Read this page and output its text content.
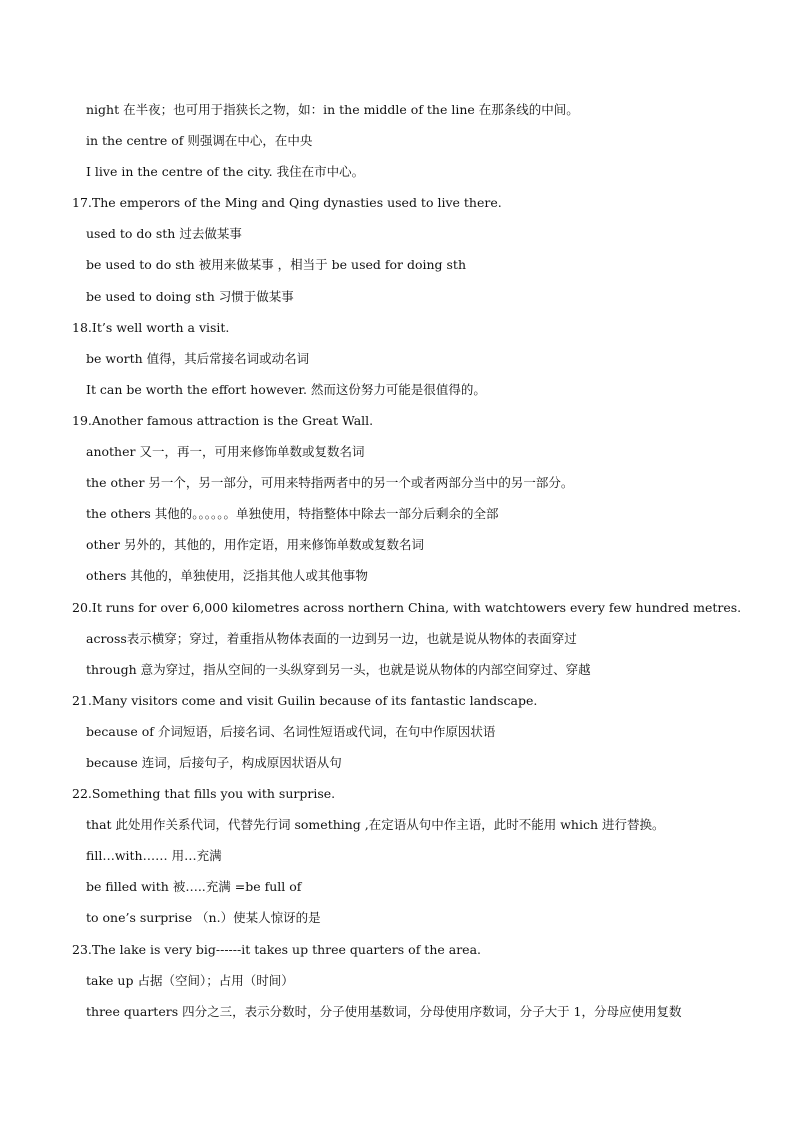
night 在半夜；也可用于指狭长之物，如：in the middle of the line 在那条线的中间。
in the centre of 则强调在中心，在中央
I live in the centre of the city. 我住在市中心。
17.The emperors of the Ming and Qing dynasties used to live there.
used to do sth 过去做某事
be used to do sth 被用来做某事 ，相当于 be used for doing sth
be used to doing sth 习惯于做某事
18.It’s well worth a visit.
be worth 值得，其后常接名词或动名词
It can be worth the effort however. 然而这份努力可能是很值得的。
19.Another famous attraction is the Great Wall.
another 又一，再一，可用来修饰单数或复数名词
the other 另一个，另一部分，可用来特指两者中的另一个或者两部分当中的另一部分。
the others 其他的。。。。。。单独使用，特指整体中除去一部分后剩余的全部
other 另外的，其他的，用作定语，用来修饰单数或复数名词
others 其他的，单独使用，泛指其他人或其他事物
20.It runs for over 6,000 kilometres across northern China, with watchtowers every few hundred metres.
across表示横穿；穿过，着重指从物体表面的一边到另一边，也就是说从物体的表面穿过
through 意为穿过，指从空间的一头纵穿到另一头，也就是说从物体的内部空间穿过、穿越
21.Many visitors come and visit Guilin because of its fantastic landscape.
because of 介词短语，后接名词、名词性短语或代词，在句中作原因状语
because 连词，后接句子，构成原因状语从句
22.Something that fills you with surprise.
that 此处用作关系代词，代替先行词 something ,在定语从句中作主语，此时不能用 which 进行替换。
fill…with…… 用…充满
be filled with 被…..充满 =be full of
to one’s surprise （n.）使某人惊讶的是
23.The lake is very big------it takes up three quarters of the area.
take up 占据（空间）；占用（时间）
three quarters 四分之三，表示分数时，分子使用基数词，分母使用序数词，分子大于 1，分母应使用复数
